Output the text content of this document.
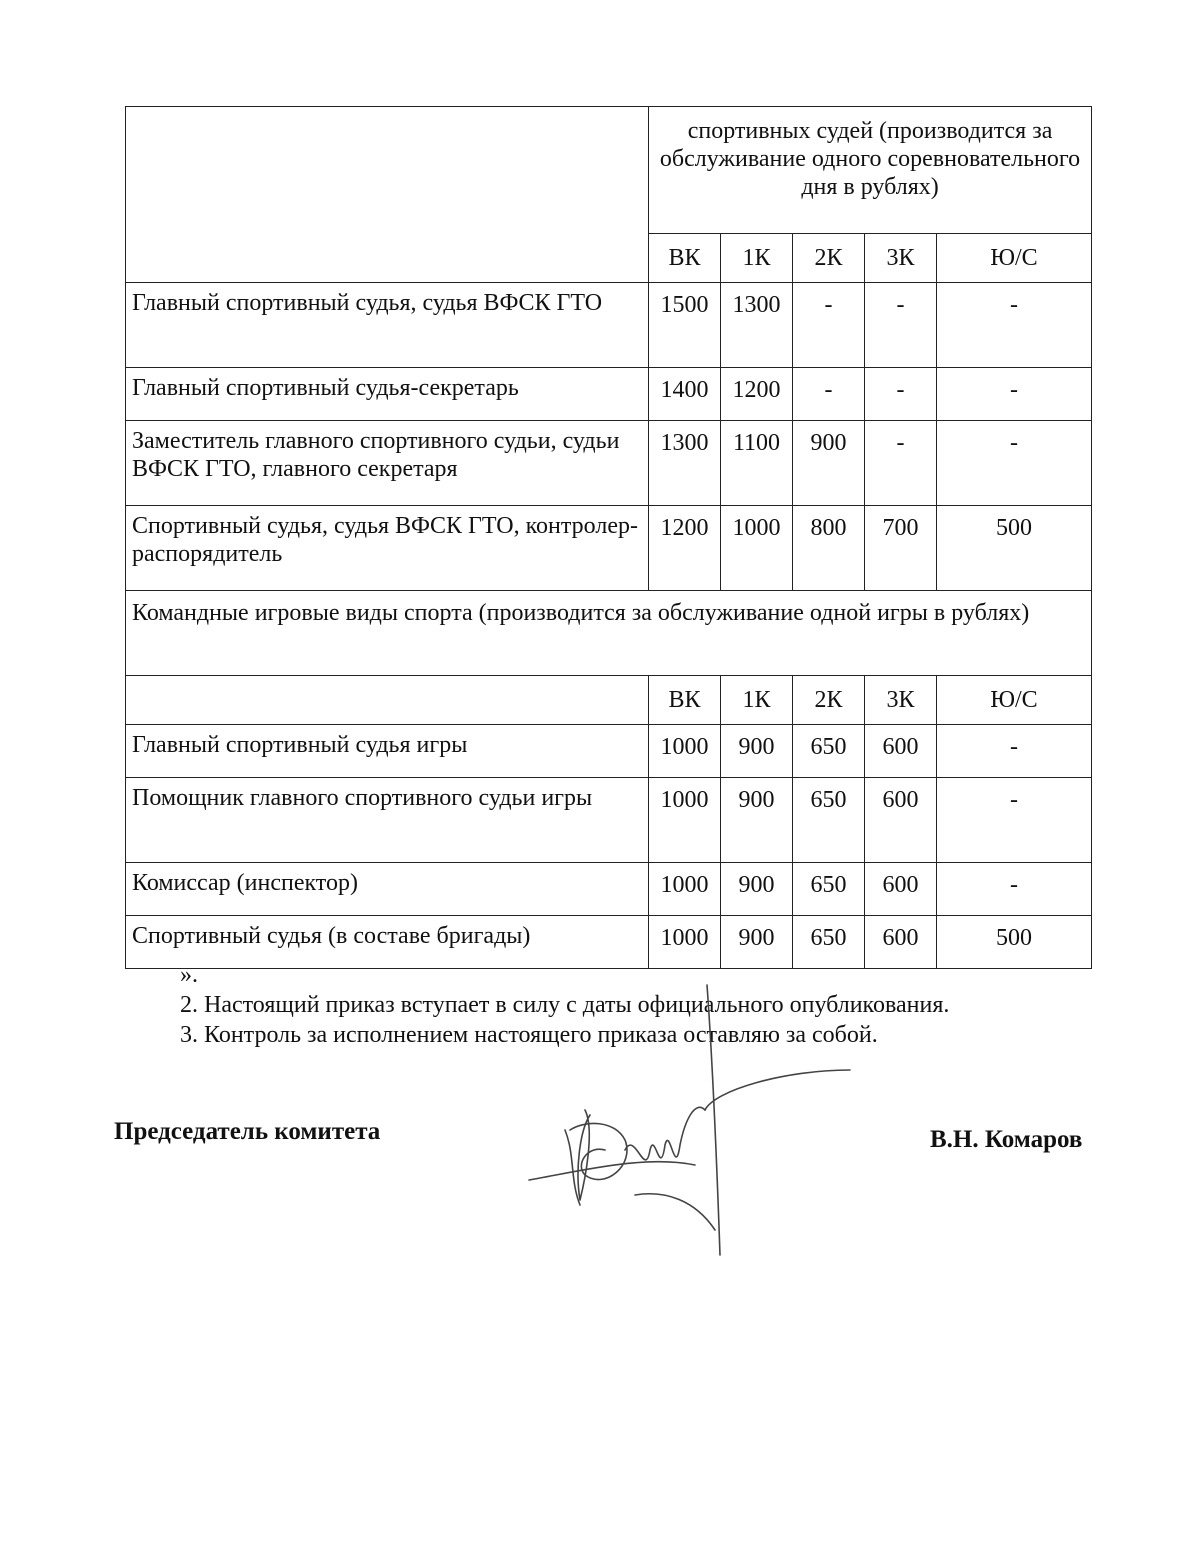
	спортивных судей (производится за обслуживание одного соревновательного дня в рублях)				
	ВК	1К	2К	3К	Ю/С
Главный спортивный судья, судья ВФСК ГТО	1500	1300	-	-	-
Главный спортивный судья-секретарь	1400	1200	-	-	-
Заместитель главного спортивного судьи, судьи ВФСК ГТО, главного секретаря	1300	1100	900	-	-
Спортивный судья, судья ВФСК ГТО, контролер-распорядитель	1200	1000	800	700	500
Командные игровые виды спорта (производится за обслуживание одной игры в рублях)					
	ВК	1К	2К	3К	Ю/С
Главный спортивный судья игры	1000	900	650	600	-
Помощник главного спортивного судьи игры	1000	900	650	600	-
Комиссар (инспектор)	1000	900	650	600	-
Спортивный судья (в составе бригады)	1000	900	650	600	500
».
2. Настоящий приказ вступает в силу с даты официального опубликования.
3. Контроль за исполнением настоящего приказа оставляю за собой.
Председатель комитета	В.Н. Комаров
